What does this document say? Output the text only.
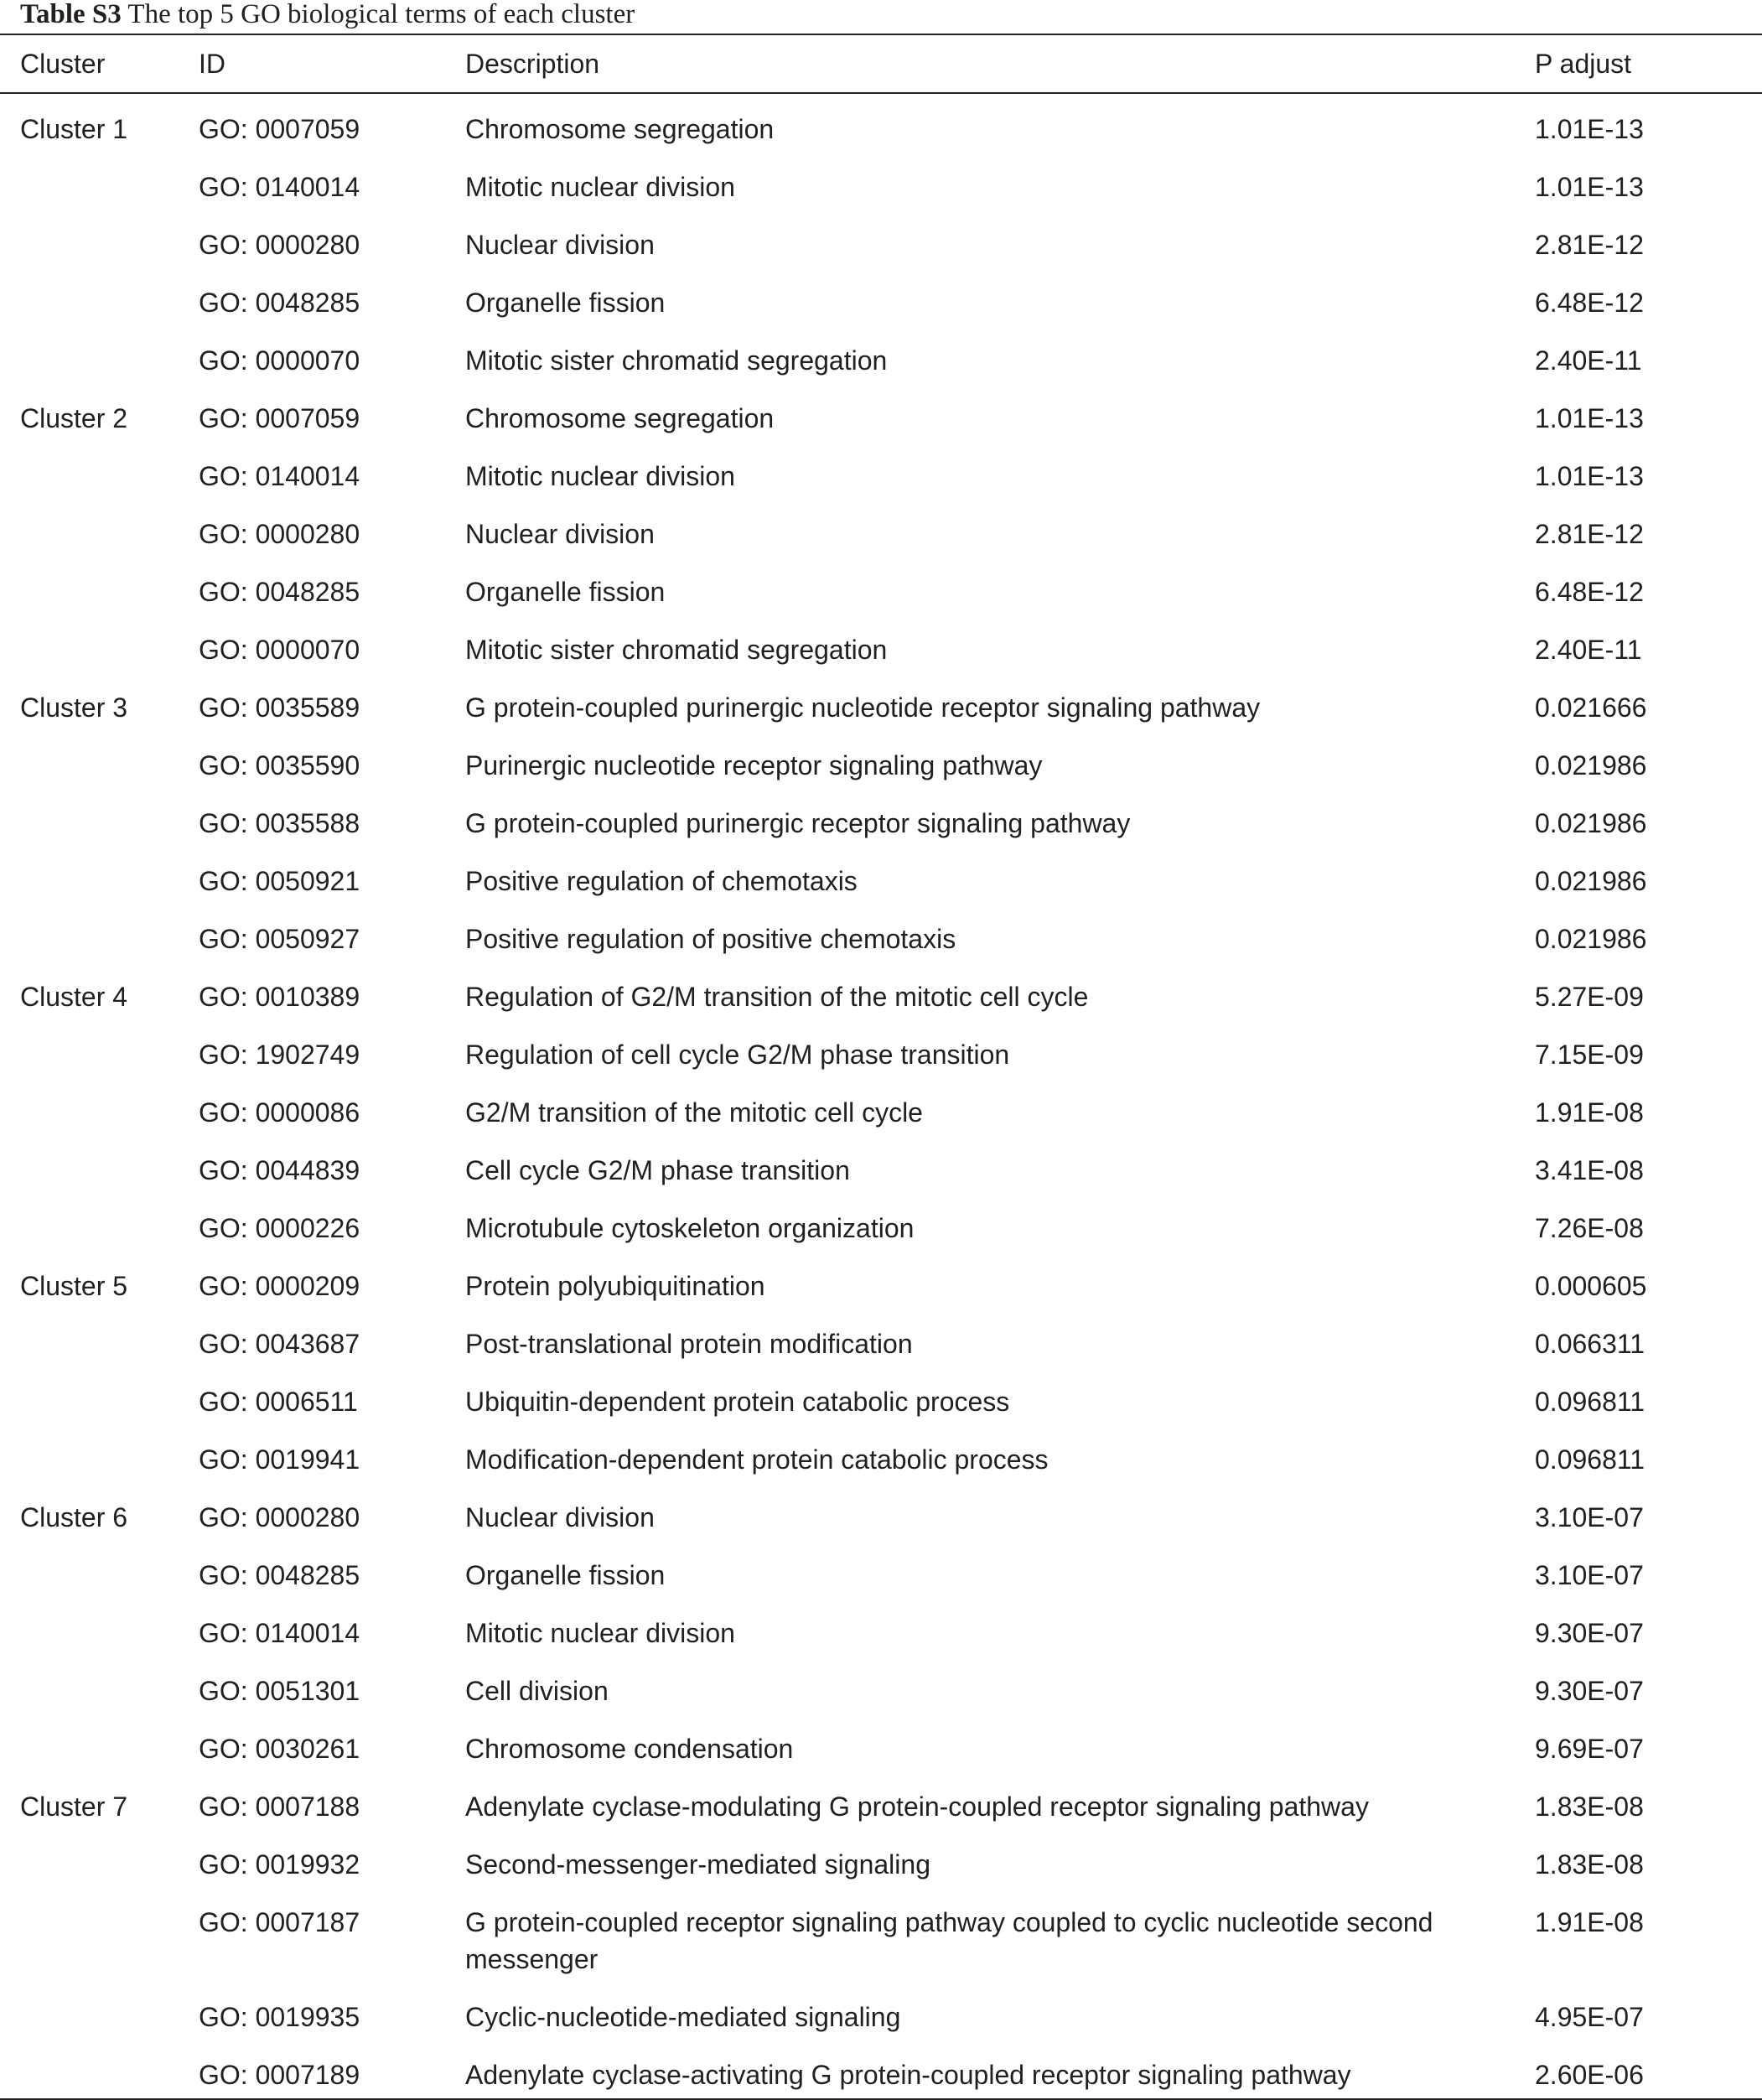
Table S3 The top 5 GO biological terms of each cluster
Cluster	ID	Description	P adjust
Cluster 1	GO: 0007059	Chromosome segregation	1.01E-13
	GO: 0140014	Mitotic nuclear division	1.01E-13
	GO: 0000280	Nuclear division	2.81E-12
	GO: 0048285	Organelle fission	6.48E-12
	GO: 0000070	Mitotic sister chromatid segregation	2.40E-11
Cluster 2	GO: 0007059	Chromosome segregation	1.01E-13
	GO: 0140014	Mitotic nuclear division	1.01E-13
	GO: 0000280	Nuclear division	2.81E-12
	GO: 0048285	Organelle fission	6.48E-12
	GO: 0000070	Mitotic sister chromatid segregation	2.40E-11
Cluster 3	GO: 0035589	G protein-coupled purinergic nucleotide receptor signaling pathway	0.021666
	GO: 0035590	Purinergic nucleotide receptor signaling pathway	0.021986
	GO: 0035588	G protein-coupled purinergic receptor signaling pathway	0.021986
	GO: 0050921	Positive regulation of chemotaxis	0.021986
	GO: 0050927	Positive regulation of positive chemotaxis	0.021986
Cluster 4	GO: 0010389	Regulation of G2/M transition of the mitotic cell cycle	5.27E-09
	GO: 1902749	Regulation of cell cycle G2/M phase transition	7.15E-09
	GO: 0000086	G2/M transition of the mitotic cell cycle	1.91E-08
	GO: 0044839	Cell cycle G2/M phase transition	3.41E-08
	GO: 0000226	Microtubule cytoskeleton organization	7.26E-08
Cluster 5	GO: 0000209	Protein polyubiquitination	0.000605
	GO: 0043687	Post-translational protein modification	0.066311
	GO: 0006511	Ubiquitin-dependent protein catabolic process	0.096811
	GO: 0019941	Modification-dependent protein catabolic process	0.096811
Cluster 6	GO: 0000280	Nuclear division	3.10E-07
	GO: 0048285	Organelle fission	3.10E-07
	GO: 0140014	Mitotic nuclear division	9.30E-07
	GO: 0051301	Cell division	9.30E-07
	GO: 0030261	Chromosome condensation	9.69E-07
Cluster 7	GO: 0007188	Adenylate cyclase-modulating G protein-coupled receptor signaling pathway	1.83E-08
	GO: 0019932	Second-messenger-mediated signaling	1.83E-08
	GO: 0007187	G protein-coupled receptor signaling pathway coupled to cyclic nucleotide second messenger	1.91E-08
	GO: 0019935	Cyclic-nucleotide-mediated signaling	4.95E-07
	GO: 0007189	Adenylate cyclase-activating G protein-coupled receptor signaling pathway	2.60E-06
